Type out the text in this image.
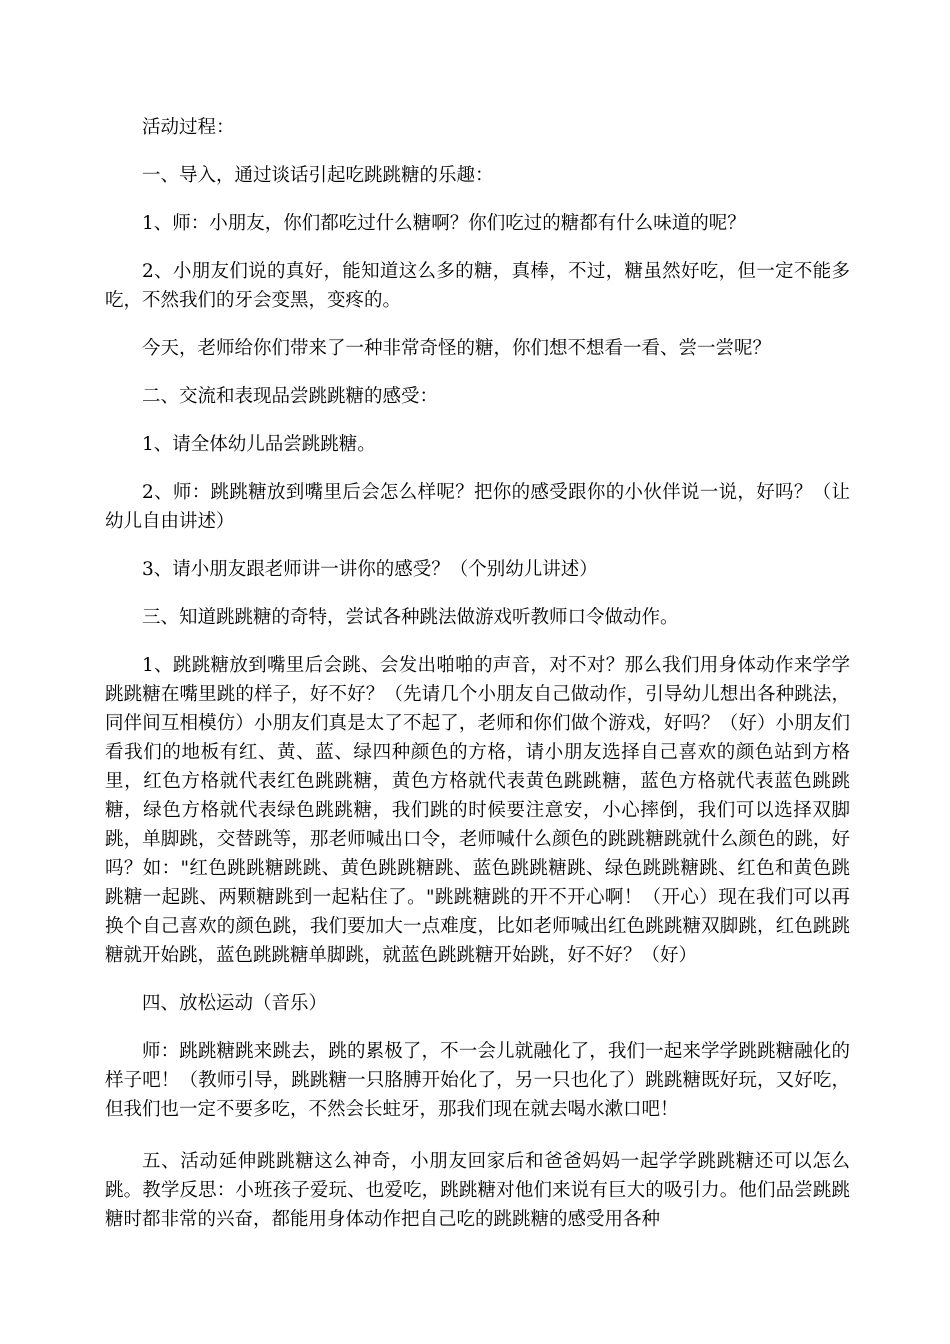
活动过程：

一、导入，通过谈话引起吃跳跳糖的乐趣：

1、师：小朋友，你们都吃过什么糖啊？你们吃过的糖都有什么味道的呢？

2、小朋友们说的真好，能知道这么多的糖，真棒，不过，糖虽然好吃，但一定不能多吃，不然我们的牙会变黑，变疼的。

今天，老师给你们带来了一种非常奇怪的糖，你们想不想看一看、尝一尝呢？

二、交流和表现品尝跳跳糖的感受：

1、请全体幼儿品尝跳跳糖。

2、师：跳跳糖放到嘴里后会怎么样呢？把你的感受跟你的小伙伴说一说，好吗？（让幼儿自由讲述）

3、请小朋友跟老师讲一讲你的感受？（个别幼儿讲述）

三、知道跳跳糖的奇特，尝试各种跳法做游戏听教师口令做动作。

1、跳跳糖放到嘴里后会跳、会发出啪啪的声音，对不对？那么我们用身体动作来学学跳跳糖在嘴里跳的样子，好不好？（先请几个小朋友自己做动作，引导幼儿想出各种跳法，同伴间互相模仿）小朋友们真是太了不起了，老师和你们做个游戏，好吗？（好）小朋友们看我们的地板有红、黄、蓝、绿四种颜色的方格，请小朋友选择自己喜欢的颜色站到方格里，红色方格就代表红色跳跳糖，黄色方格就代表黄色跳跳糖，蓝色方格就代表蓝色跳跳糖，绿色方格就代表绿色跳跳糖，我们跳的时候要注意安，小心摔倒，我们可以选择双脚跳，单脚跳，交替跳等，那老师喊出口令，老师喊什么颜色的跳跳糖跳就什么颜色的跳，好吗？如："红色跳跳糖跳跳、黄色跳跳糖跳、蓝色跳跳糖跳、绿色跳跳糖跳、红色和黄色跳跳糖一起跳、两颗糖跳到一起粘住了。"跳跳糖跳的开不开心啊！（开心）现在我们可以再换个自己喜欢的颜色跳，我们要加大一点难度，比如老师喊出红色跳跳糖双脚跳，红色跳跳糖就开始跳，蓝色跳跳糖单脚跳，就蓝色跳跳糖开始跳，好不好？（好）

四、放松运动（音乐）

师：跳跳糖跳来跳去，跳的累极了，不一会儿就融化了，我们一起来学学跳跳糖融化的样子吧！（教师引导，跳跳糖一只胳膊开始化了，另一只也化了）跳跳糖既好玩，又好吃，但我们也一定不要多吃，不然会长蛀牙，那我们现在就去喝水漱口吧！

五、活动延伸跳跳糖这么神奇，小朋友回家后和爸爸妈妈一起学学跳跳糖还可以怎么跳。教学反思：小班孩子爱玩、也爱吃，跳跳糖对他们来说有巨大的吸引力。他们品尝跳跳糖时都非常的兴奋，都能用身体动作把自己吃的跳跳糖的感受用各种
